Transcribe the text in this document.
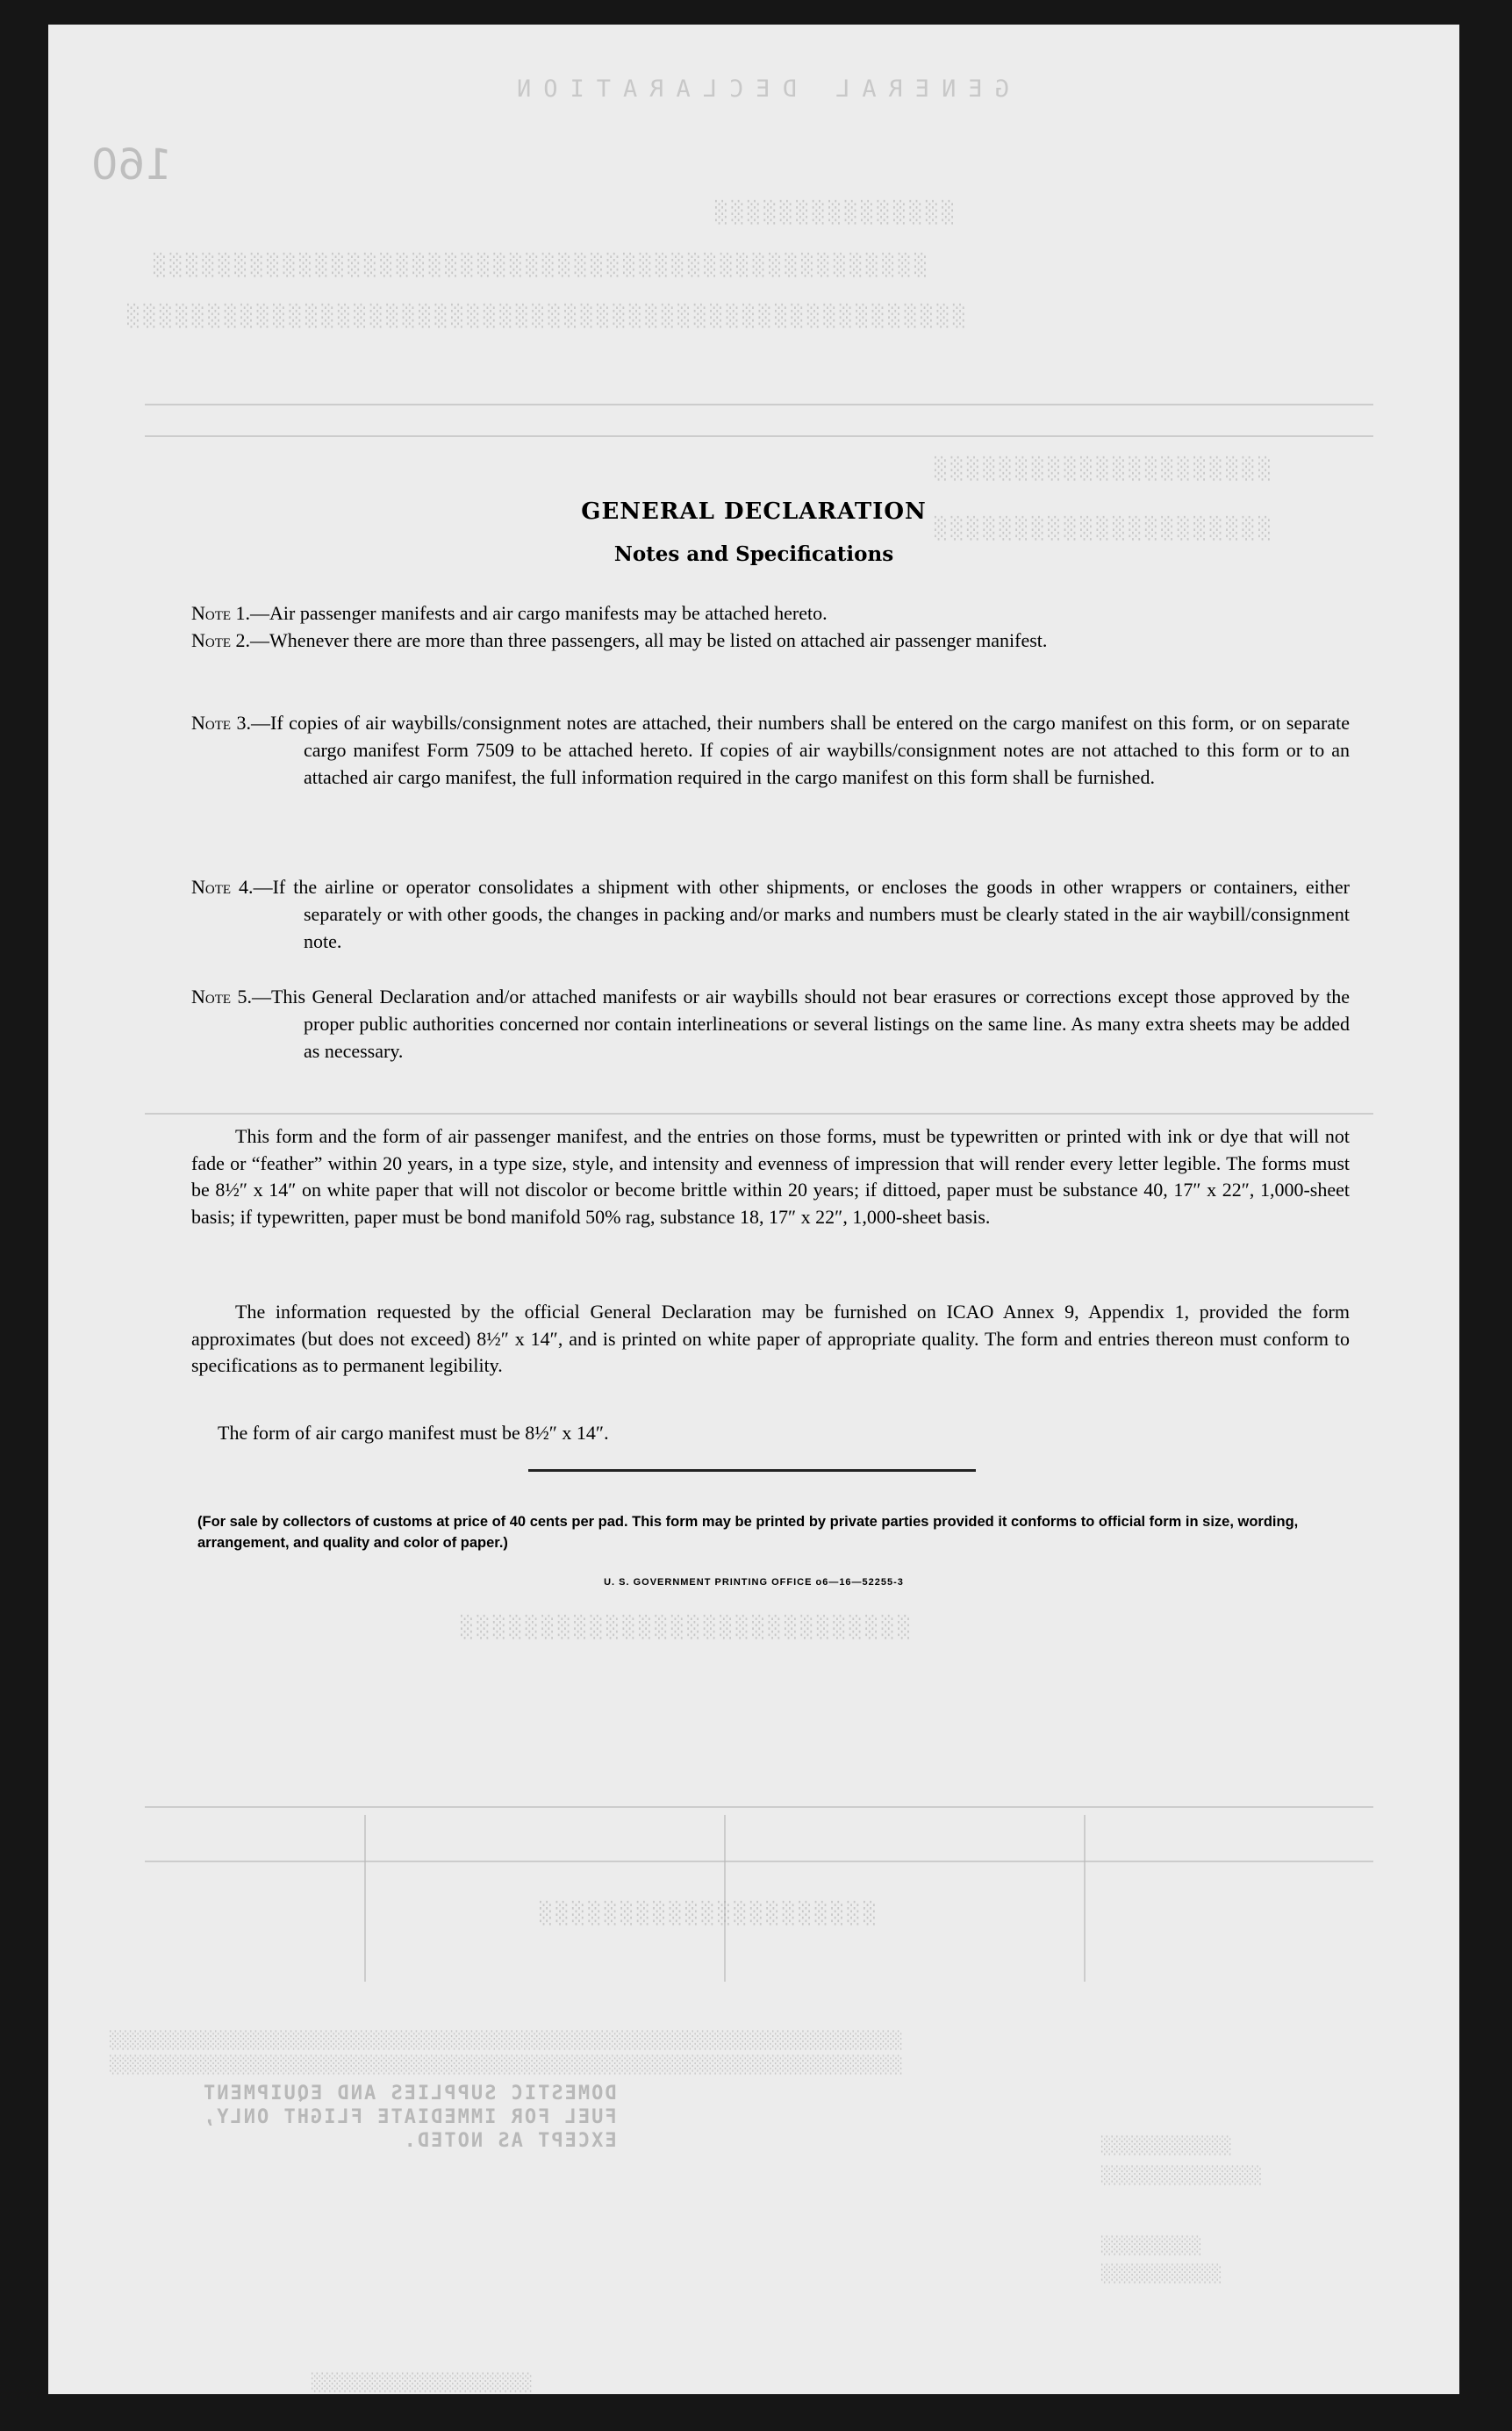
160
GENERAL DECLARATION
░░░░░░░░░░░░░░░
░░░░░░░░░░░░░░░░░░░░░░░░░░░░░░░░░░░░░░░░░░░░░░░░
░░░░░░░░░░░░░░░░░░░░░░░░░░░░░░░░░░░░░░░░░░░░░░░░░░░░
░░░░░░░░░░░░░░░░░░░░░
░░░░░░░░░░░░░░░░░░░░░
░░░░░░░░░░░░░░░░░░░░░░░░░░░░
░░░░░░░░░░░░░░░░░░░░░
░░░░░░░░░░░░░░░░░░░░░░░░░░░░░░░░░░░░░░░░░░░░░░░░░░░░░░░░░░░░░░░░░░░░░░░░░░░░░░░
░░░░░░░░░░░░░░░░░░░░░░░░░░░░░░░░░░░░░░░░░░░░░░░░░░░░░░░░░░░░░░░░░░░░░░░░░░░░░░░
DOMESTIC SUPPLIES AND EQUIPMENT
FUEL FOR IMMEDIATE FLIGHT ONLY,
EXCEPT AS NOTED.	░░░░░░░░░░░░░
░░░░░░░░░░░░░░░░
░░░░░░░░░░
░░░░░░░░░░░░
░░░░░░░░░░░░░░░░░░░░░░
GENERAL DECLARATION
Notes and Specifications
Note 1.—Air passenger manifests and air cargo manifests may be attached hereto.
Note 2.—Whenever there are more than three passengers, all may be listed on attached air passenger manifest.
Note 3.—If copies of air waybills/consignment notes are attached, their numbers shall be entered on the cargo manifest on this form, or on separate cargo manifest Form 7509 to be attached hereto. If copies of air waybills/consignment notes are not attached to this form or to an attached air cargo manifest, the full information required in the cargo manifest on this form shall be furnished.
Note 4.—If the airline or operator consolidates a shipment with other shipments, or encloses the goods in other wrappers or containers, either separately or with other goods, the changes in packing and/or marks and numbers must be clearly stated in the air waybill/consignment note.
Note 5.—This General Declaration and/or attached manifests or air waybills should not bear erasures or corrections except those approved by the proper public authorities concerned nor contain interlineations or several listings on the same line. As many extra sheets may be added as necessary.
This form and the form of air passenger manifest, and the entries on those forms, must be typewritten or printed with ink or dye that will not fade or “feather” within 20 years, in a type size, style, and intensity and evenness of impression that will render every letter legible. The forms must be 8½″ x 14″ on white paper that will not discolor or become brittle within 20 years; if dittoed, paper must be substance 40, 17″ x 22″, 1,000-sheet basis; if typewritten, paper must be bond manifold 50% rag, substance 18, 17″ x 22″, 1,000-sheet basis.
The information requested by the official General Declaration may be furnished on ICAO Annex 9, Appendix 1, provided the form approximates (but does not exceed) 8½″ x 14″, and is printed on white paper of appropriate quality. The form and entries thereon must conform to specifications as to permanent legibility.
The form of air cargo manifest must be 8½″ x 14″.
(For sale by collectors of customs at price of 40 cents per pad. This form may be printed by private parties provided it conforms to official form in size, wording, arrangement, and quality and color of paper.)
U. S. GOVERNMENT PRINTING OFFICE o6—16—52255-3
